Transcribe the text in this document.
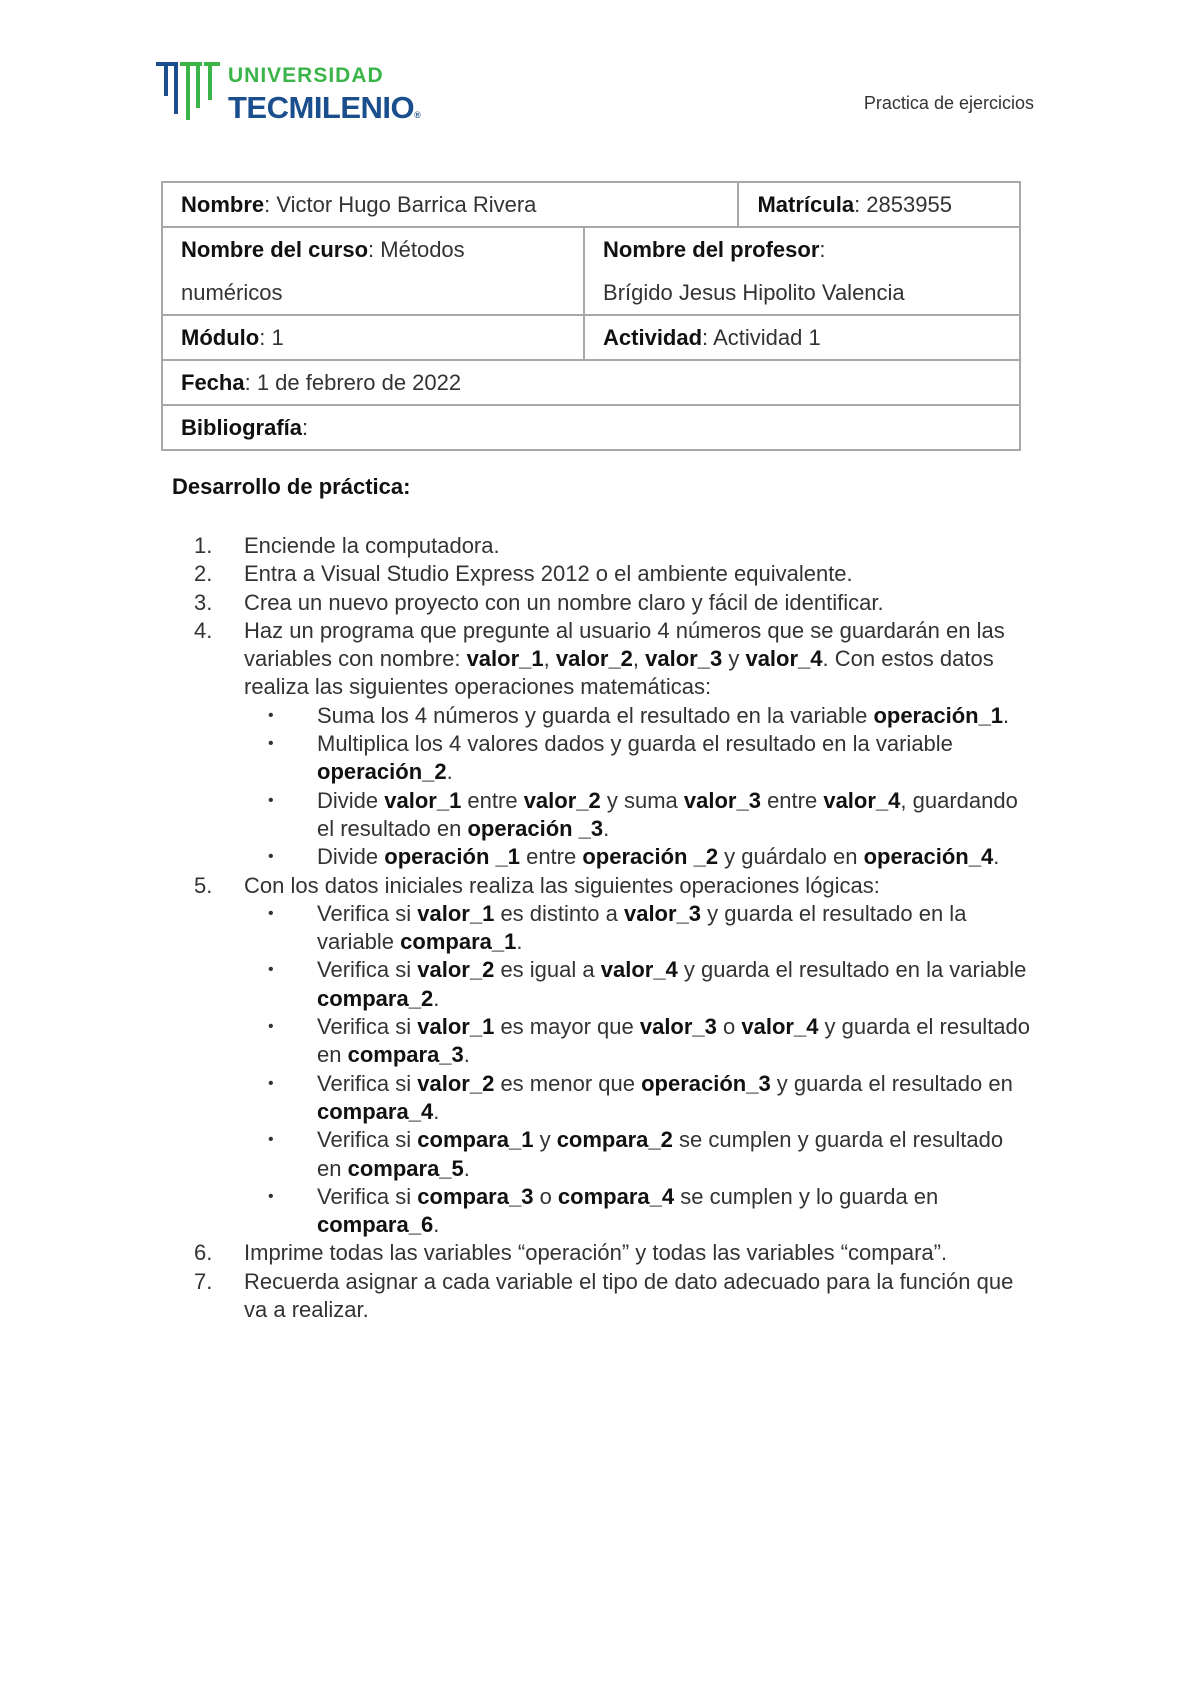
UNIVERSIDAD
TECMILENIO®
Practica de ejercicios
Nombre: Victor Hugo Barrica Rivera		Matrícula: 2853955
Nombre del curso: Métodos numéricos	Nombre del profesor:
Brígido Jesus Hipolito Valencia	
Módulo: 1	Actividad: Actividad 1	
Fecha: 1 de febrero de 2022		
Bibliografía:		
Desarrollo de práctica:
1. Enciende la computadora.
2. Entra a Visual Studio Express 2012 o el ambiente equivalente.
3. Crea un nuevo proyecto con un nombre claro y fácil de identificar.
4. Haz un programa que pregunte al usuario 4 números que se guardarán en las variables con nombre: valor_1, valor_2, valor_3 y valor_4. Con estos datos realiza las siguientes operaciones matemáticas:
• Suma los 4 números y guarda el resultado en la variable operación_1.
• Multiplica los 4 valores dados y guarda el resultado en la variable operación_2.
• Divide valor_1 entre valor_2 y suma valor_3 entre valor_4, guardando el resultado en operación _3.
• Divide operación _1 entre operación _2 y guárdalo en operación_4.
5. Con los datos iniciales realiza las siguientes operaciones lógicas:
• Verifica si valor_1 es distinto a valor_3 y guarda el resultado en la variable compara_1.
• Verifica si valor_2 es igual a valor_4 y guarda el resultado en la variable compara_2.
• Verifica si valor_1 es mayor que valor_3 o valor_4 y guarda el resultado en compara_3.
• Verifica si valor_2 es menor que operación_3 y guarda el resultado en compara_4.
• Verifica si compara_1 y compara_2 se cumplen y guarda el resultado en compara_5.
• Verifica si compara_3 o compara_4 se cumplen y lo guarda en compara_6.
6. Imprime todas las variables “operación” y todas las variables “compara”.
7. Recuerda asignar a cada variable el tipo de dato adecuado para la función que va a realizar.
